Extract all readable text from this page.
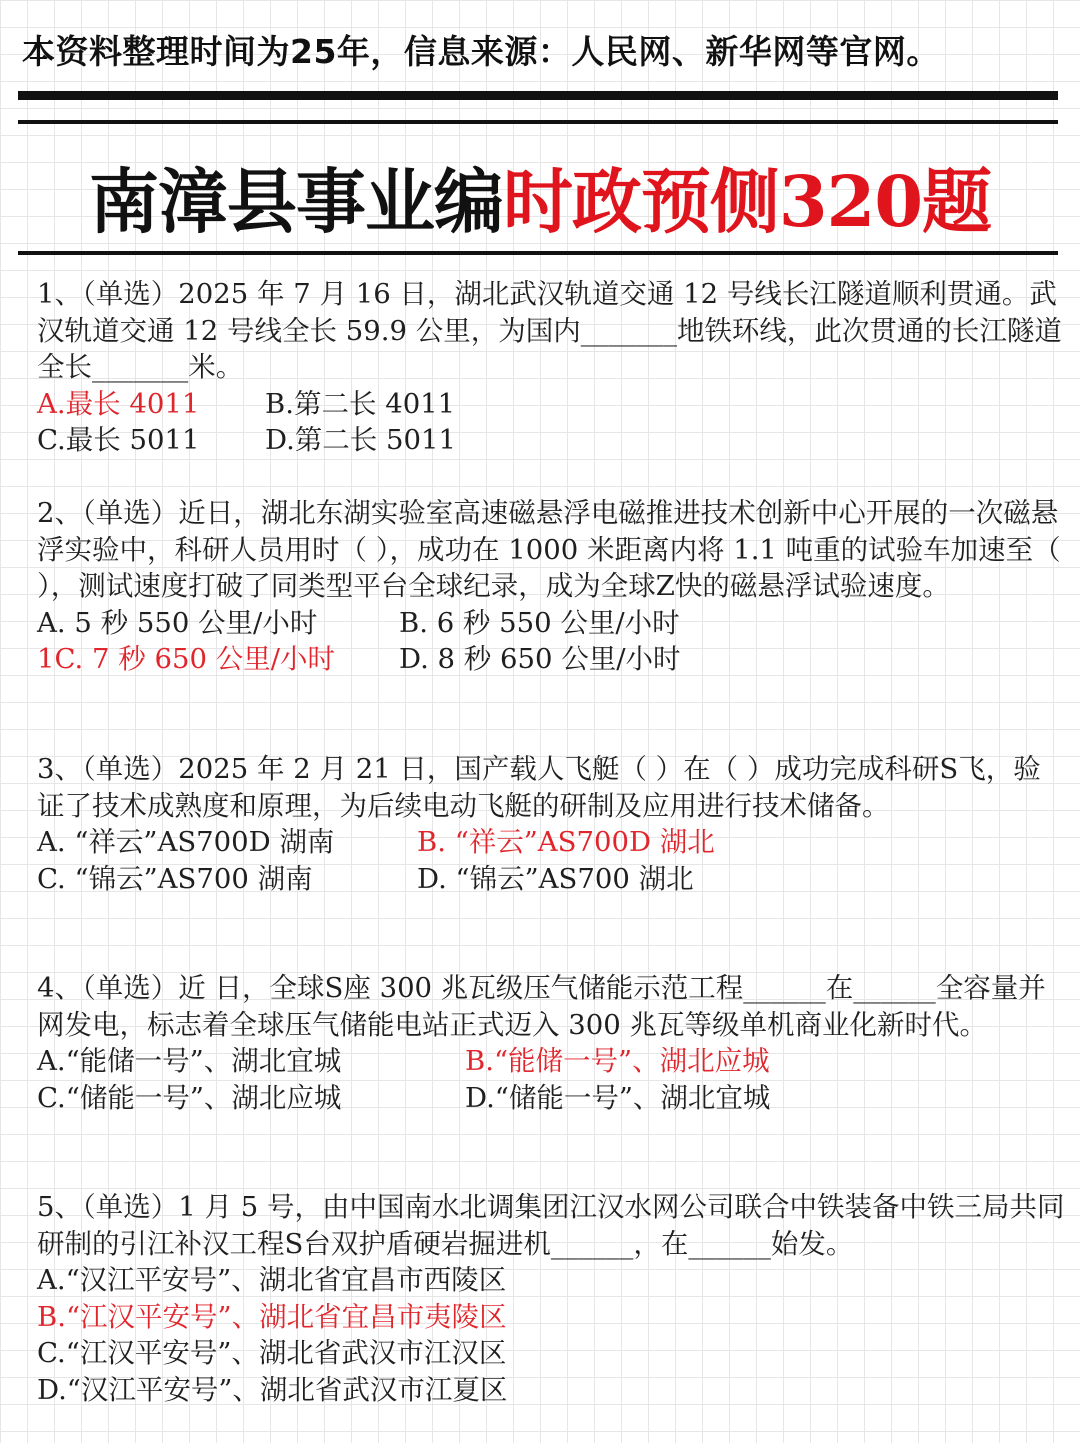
本资料整理时间为25年，信息来源：人民网、新华网等官网。
南漳县事业编时政预侧320题

1、（单选）2025 年 7 月 16 日，湖北武汉轨道交通 12 号线长江隧道顺利贯通。武汉轨道交通 12 号线全长 59.9 公里，为国内_______地铁环线，此次贯通的长江隧道全长_______米。

A.最长 4011	B.第二长 4011
C.最长 5011	D.第二长 5011

2、（单选）近日，湖北东湖实验室高速磁悬浮电磁推进技术创新中心开展的一次磁悬浮实验中，科研人员用时（ ），成功在 1000 米距离内将 1.1 吨重的试验车加速至（ ），测试速度打破了同类型平台全球纪录，成为全球Z快的磁悬浮试验速度。

A. 5 秒 550 公里/小时	B. 6 秒 550 公里/小时
1C. 7 秒 650 公里/小时	D. 8 秒 650 公里/小时

3、（单选）2025 年 2 月 21 日，国产载人飞艇（ ）在（ ）成功完成科研S飞，验证了技术成熟度和原理，为后续电动飞艇的研制及应用进行技术储备。

A. “祥云”AS700D 湖南	B. “祥云”AS700D 湖北
C. “锦云”AS700 湖南	D. “锦云”AS700 湖北

4、（单选）近 日，全球S座 300 兆瓦级压气储能示范工程______在______全容量并网发电，标志着全球压气储能电站正式迈入 300 兆瓦等级单机商业化新时代。

A.“能储一号”、湖北宜城	B.“能储一号”、湖北应城
C.“储能一号”、湖北应城	D.“储能一号”、湖北宜城

5、（单选）1 月 5 号，由中国南水北调集团江汉水网公司联合中铁装备中铁三局共同研制的引江补汉工程S台双护盾硬岩掘进机______，在______始发。

A.“汉江平安号”、湖北省宜昌市西陵区
B.“江汉平安号”、湖北省宜昌市夷陵区
C.“江汉平安号”、湖北省武汉市江汉区
D.“汉江平安号”、湖北省武汉市江夏区
